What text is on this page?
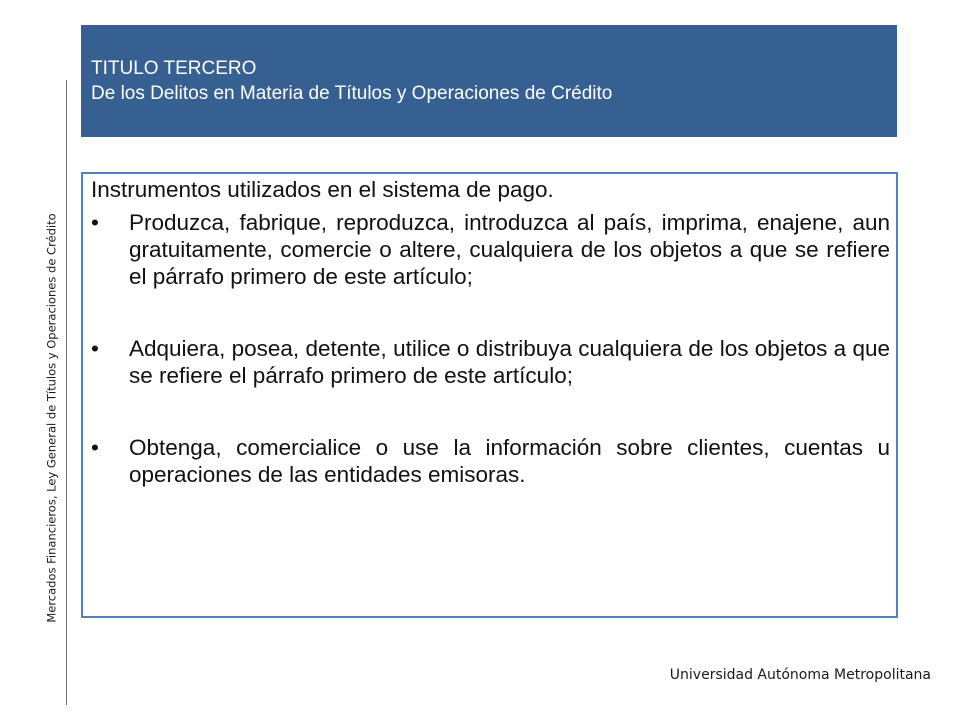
Mercados Financieros, Ley General de Títulos y Operaciones de Crédito
TITULO TERCERO
De los Delitos en Materia de Títulos y Operaciones de Crédito
Instrumentos utilizados en el sistema de pago.
•	Produzca, fabrique, reproduzca, introduzca al país, imprima, enajene, aun gratuitamente, comercie o altere, cualquiera de los objetos a que se refiere el párrafo primero de este artículo;
•	Adquiera, posea, detente, utilice o distribuya cualquiera de los objetos a que se refiere el párrafo primero de este artículo;
•	Obtenga, comercialice o use la información sobre clientes, cuentas u operaciones de las entidades emisoras.
Universidad Autónoma Metropolitana
